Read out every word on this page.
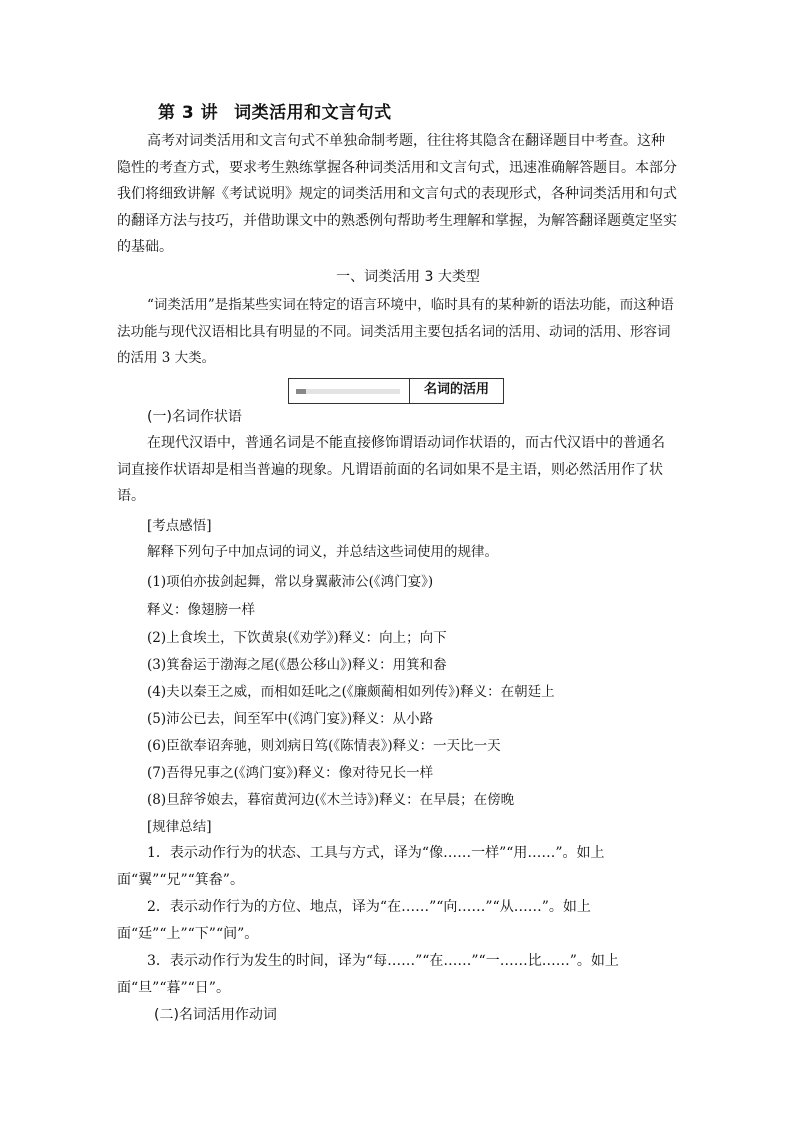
第 3 讲 词类活用和文言句式
高考对词类活用和文言句式不单独命制考题，往往将其隐含在翻译题目中考查。这种隐性的考查方式，要求考生熟练掌握各种词类活用和文言句式，迅速准确解答题目。本部分我们将细致讲解《考试说明》规定的词类活用和文言句式的表现形式，各种词类活用和句式的翻译方法与技巧，并借助课文中的熟悉例句帮助考生理解和掌握，为解答翻译题奠定坚实的基础。
一、词类活用 3 大类型
“词类活用”是指某些实词在特定的语言环境中，临时具有的某种新的语法功能，而这种语法功能与现代汉语相比具有明显的不同。词类活用主要包括名词的活用、动词的活用、形容词的活用 3 大类。
名词的活用
(一)名词作状语
在现代汉语中，普通名词是不能直接修饰谓语动词作状语的，而古代汉语中的普通名词直接作状语却是相当普遍的现象。凡谓语前面的名词如果不是主语，则必然活用作了状语。
[考点感悟]
解释下列句子中加点词的词义，并总结这些词使用的规律。
(1)项伯亦拔剑起舞，常以身翼蔽沛公(《鸿门宴》)
释义：像翅膀一样
(2)上食埃土，下饮黄泉(《劝学》)释义：向上；向下
(3)箕畚运于渤海之尾(《愚公移山》)释义：用箕和畚
(4)夫以秦王之威，而相如廷叱之(《廉颇蔺相如列传》)释义：在朝廷上
(5)沛公已去，间至军中(《鸿门宴》)释义：从小路
(6)臣欲奉诏奔驰，则刘病日笃(《陈情表》)释义：一天比一天
(7)吾得兄事之(《鸿门宴》)释义：像对待兄长一样
(8)旦辞爷娘去，暮宿黄河边(《木兰诗》)释义：在早晨；在傍晚
[规律总结]
1．表示动作行为的状态、工具与方式，译为“像……一样”“用……”。如上面“翼”“兄”“箕畚”。
2．表示动作行为的方位、地点，译为“在……”“向……”“从……”。如上面“廷”“上”“下”“间”。
3．表示动作行为发生的时间，译为“每……”“在……”“一……比……”。如上面“旦”“暮”“日”。
(二)名词活用作动词
